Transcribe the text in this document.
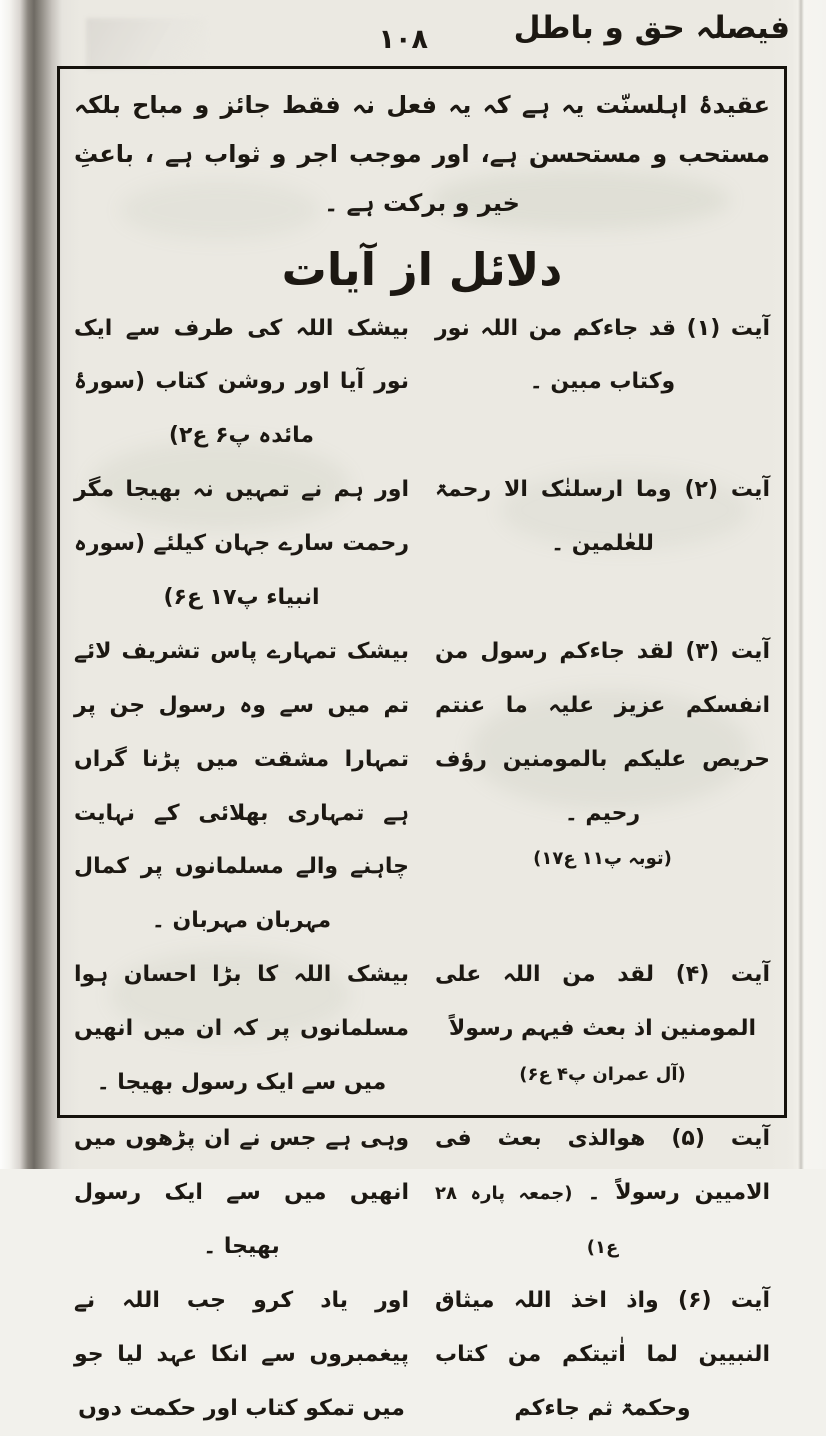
فیصلہ حق و باطل
۱۰۸
عقیدۂ اہلسنّت یہ ہے کہ یہ فعل نہ فقط جائز و مباح بلکہ مستحب و مستحسن ہے، اور موجب اجر و ثواب ہے ، باعثِ خیر و برکت ہے ۔
دلائل از آیات
آیت (۱) قد جاءکم من اللہ نور وکتاب مبین ۔
بیشک اللہ کی طرف سے ایک نور آیا اور روشن کتاب (سورۂ مائدہ پ۶ ع۲)
آیت (۲) وما ارسلنٰک الا رحمۃ للعٰلمین ۔
اور ہم نے تمہیں نہ بھیجا مگر رحمت سارے جہان کیلئے (سورہ انبیاء پ۱۷ ع۶)
آیت (۳) لقد جاءکم رسول من انفسکم عزیز علیہ ما عنتم حریص علیکم بالمومنین رؤف رحیم ۔
(توبہ پ۱۱ ع۱۷)
بیشک تمہارے پاس تشریف لائے تم میں سے وہ رسول جن پر تمہارا مشقت میں پڑنا گراں ہے تمہاری بھلائی کے نہایت چاہنے والے مسلمانوں پر کمال مہربان مہربان ۔
آیت (۴) لقد من اللہ علی المومنین اذ بعث فیہم رسولاً
(آل عمران پ۴ ع۶)
بیشک اللہ کا بڑا احسان ہوا مسلمانوں پر کہ ان میں انھیں میں سے ایک رسول بھیجا ۔
آیت (۵) ھوالذی بعث فی الامیین رسولاً ۔ (جمعہ پارہ ۲۸ ع۱)
وہی ہے جس نے ان پڑھوں میں انھیں میں سے ایک رسول بھیجا ۔
آیت (۶) واذ اخذ اللہ میثاق النبیین لما اٰتیتکم من کتاب وحکمۃ ثم جاءکم
اور یاد کرو جب اللہ نے پیغمبروں سے انکا عہد لیا جو میں تمکو کتاب اور حکمت دوں
